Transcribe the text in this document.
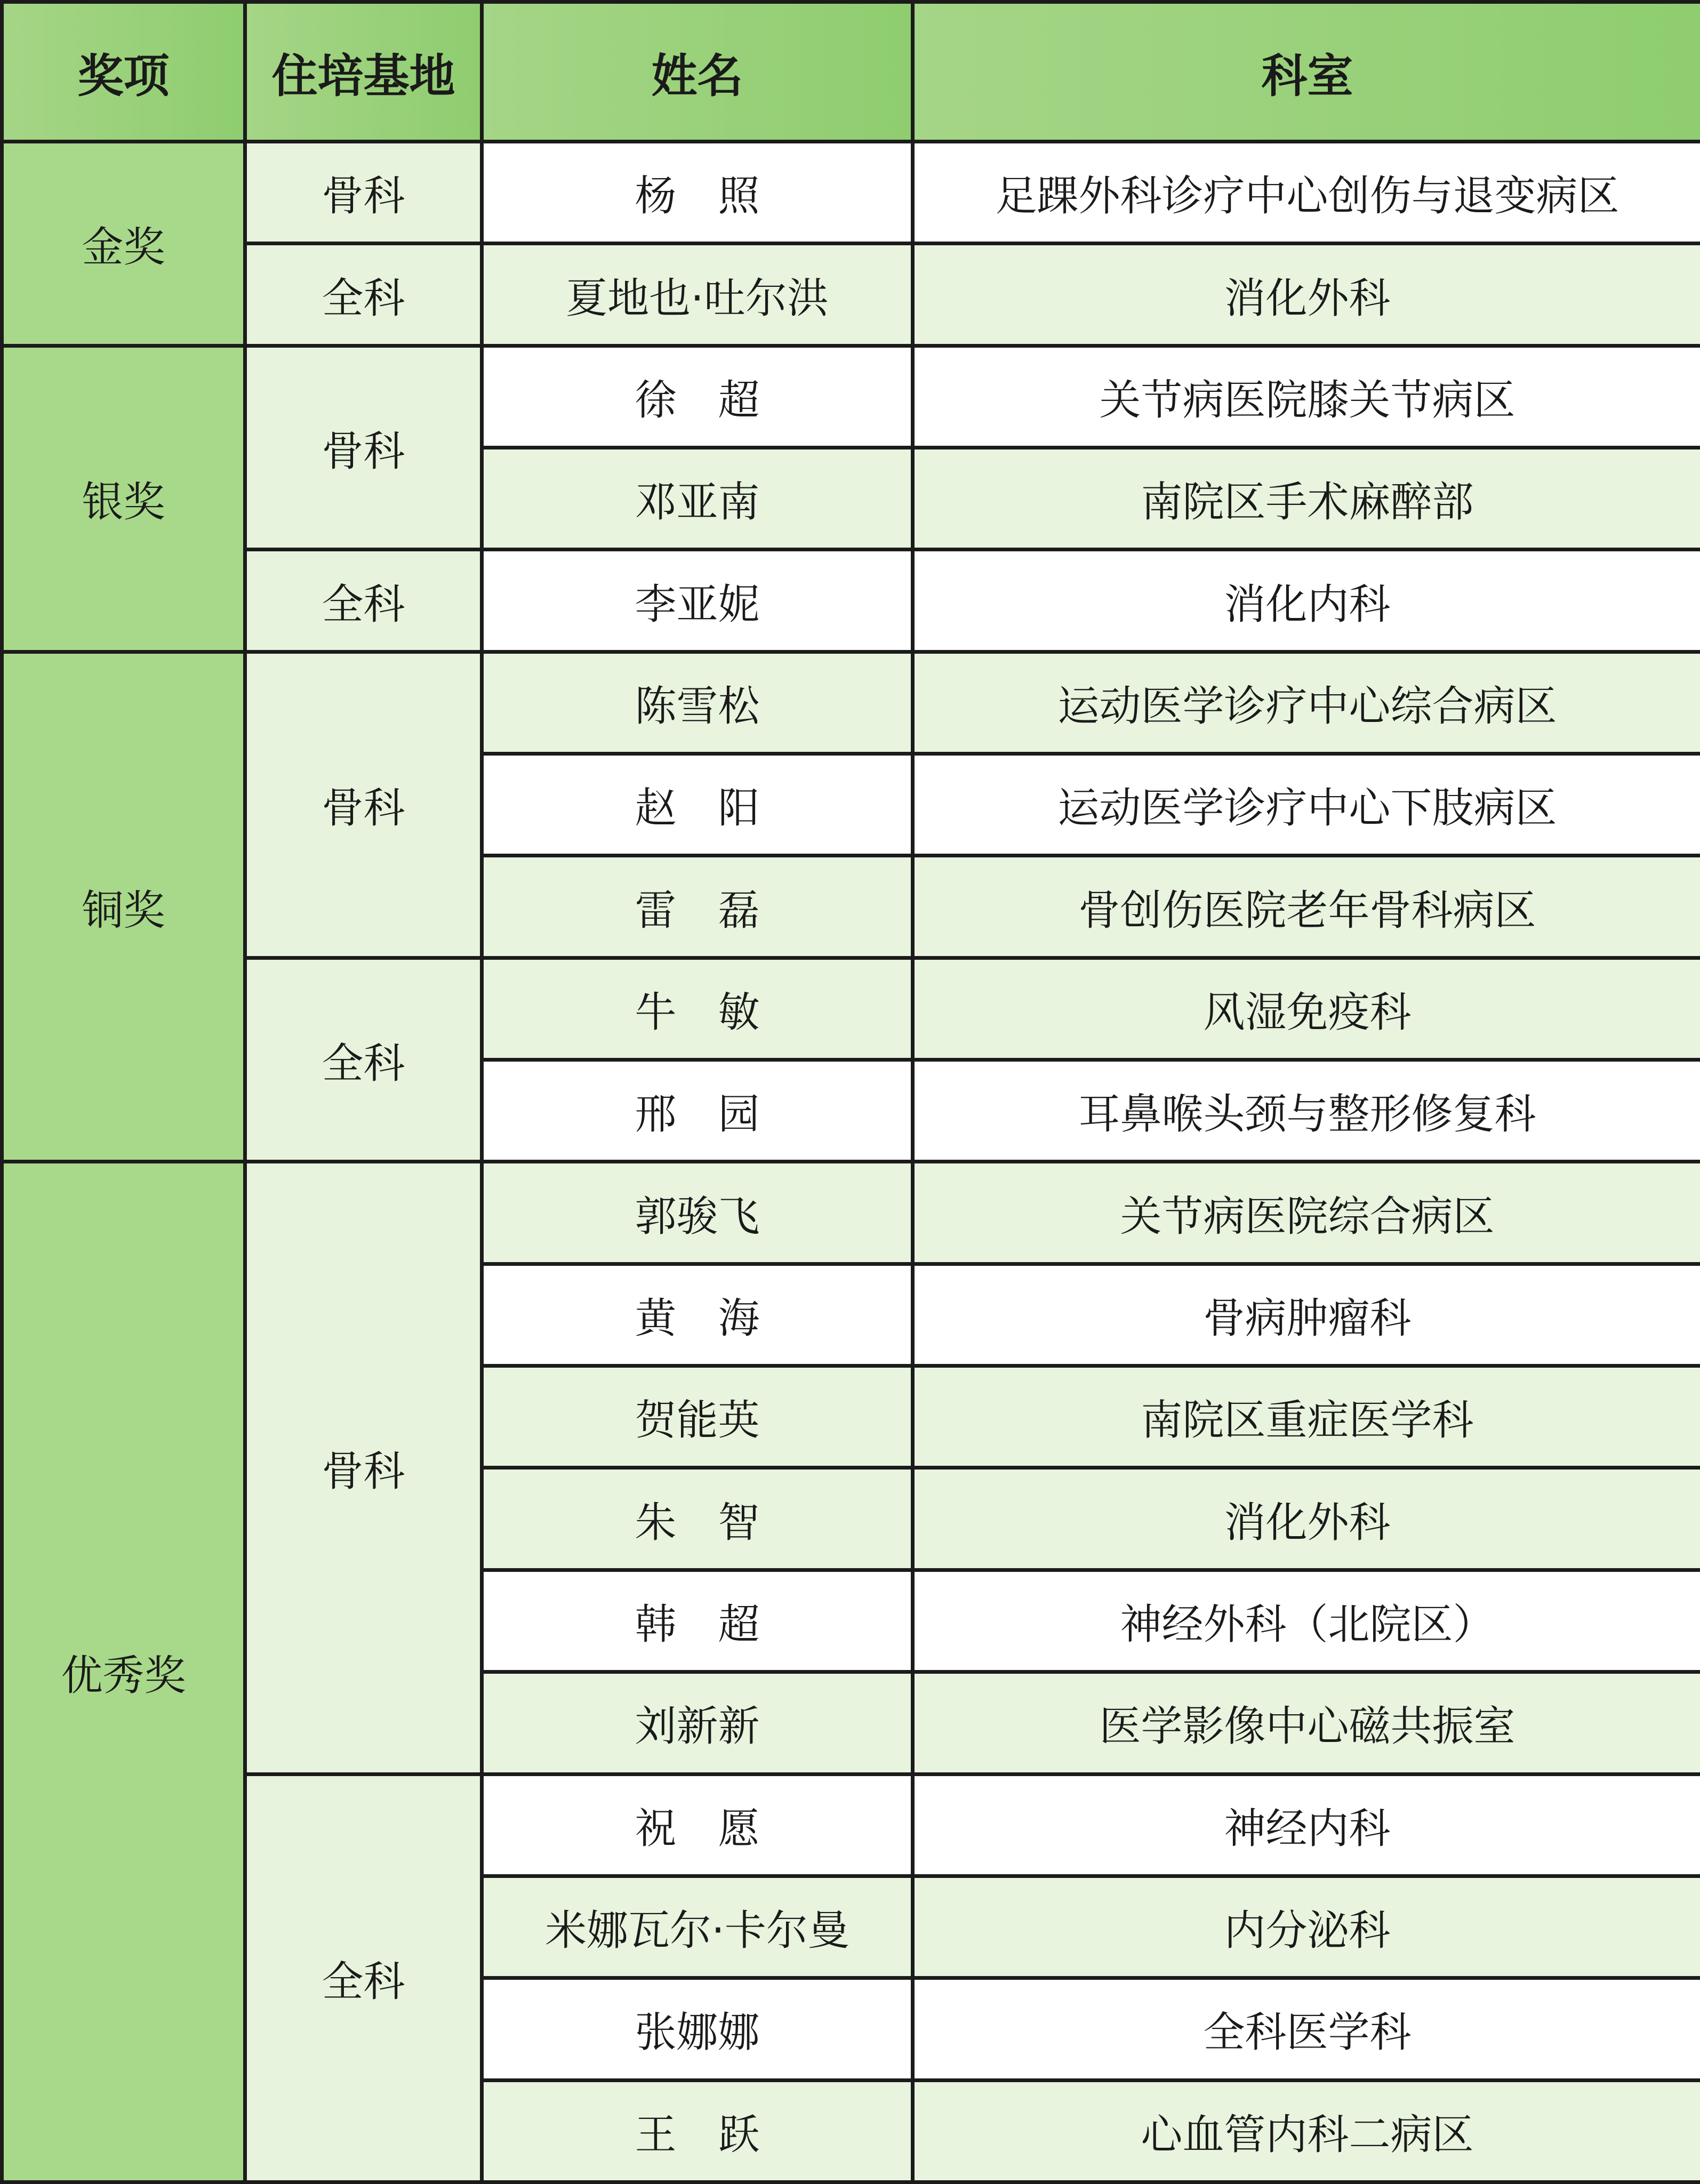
奖项	住培基地	姓名	科室
金奖	骨科	杨　照	足踝外科诊疗中心创伤与退变病区
	全科	夏地也·吐尔洪	消化外科
银奖	骨科	徐　超	关节病医院膝关节病区
		邓亚南	南院区手术麻醉部
	全科	李亚妮	消化内科
铜奖	骨科	陈雪松	运动医学诊疗中心综合病区
		赵　阳	运动医学诊疗中心下肢病区
		雷　磊	骨创伤医院老年骨科病区
	全科	牛　敏	风湿免疫科
		邢　园	耳鼻喉头颈与整形修复科
优秀奖	骨科	郭骏飞	关节病医院综合病区
		黄　海	骨病肿瘤科
		贺能英	南院区重症医学科
		朱　智	消化外科
		韩　超	神经外科（北院区）
		刘新新	医学影像中心磁共振室
	全科	祝　愿	神经内科
		米娜瓦尔·卡尔曼	内分泌科
		张娜娜	全科医学科
		王　跃	心血管内科二病区
